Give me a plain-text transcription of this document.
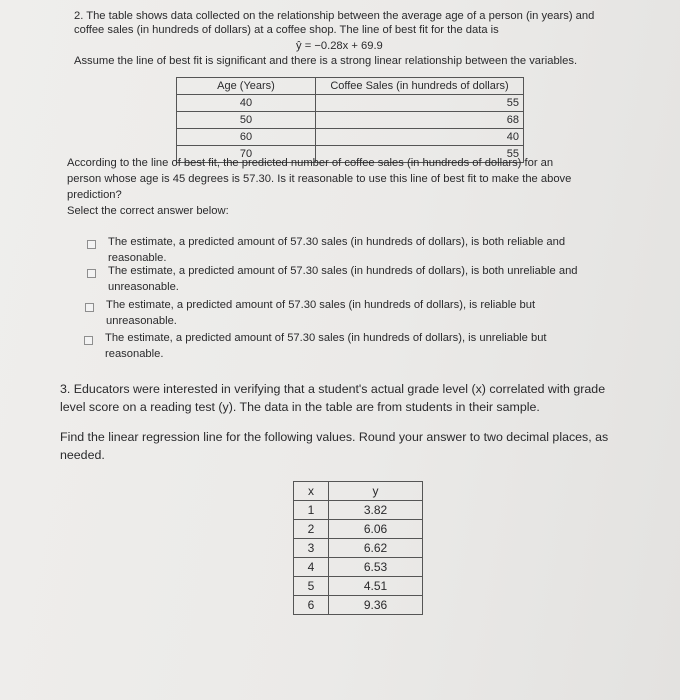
2. The table shows data collected on the relationship between the average age of a person (in years) and
coffee sales (in hundreds of dollars) at a coffee shop. The line of best fit for the data is
ŷ = −0.28x + 69.9
Assume the line of best fit is significant and there is a strong linear relationship between the variables.
Age (Years)	Coffee Sales (in hundreds of dollars)
40	55
50	68
60	40
70	55
According to the line of best fit, the predicted number of coffee sales (in hundreds of dollars) for an
person whose age is 45 degrees is 57.30. Is it reasonable to use this line of best fit to make the above
prediction?
Select the correct answer below:
The estimate, a predicted amount of 57.30 sales (in hundreds of dollars), is both reliable and
reasonable.
The estimate, a predicted amount of 57.30 sales (in hundreds of dollars), is both unreliable and
unreasonable.
The estimate, a predicted amount of 57.30 sales (in hundreds of dollars), is reliable but
unreasonable.
The estimate, a predicted amount of 57.30 sales (in hundreds of dollars), is unreliable but
reasonable.
3. Educators were interested in verifying that a student's actual grade level (x) correlated with grade
level score on a reading test (y). The data in the table are from students in their sample.
Find the linear regression line for the following values. Round your answer to two decimal places, as
needed.
x	y
1	3.82
2	6.06
3	6.62
4	6.53
5	4.51
6	9.36
